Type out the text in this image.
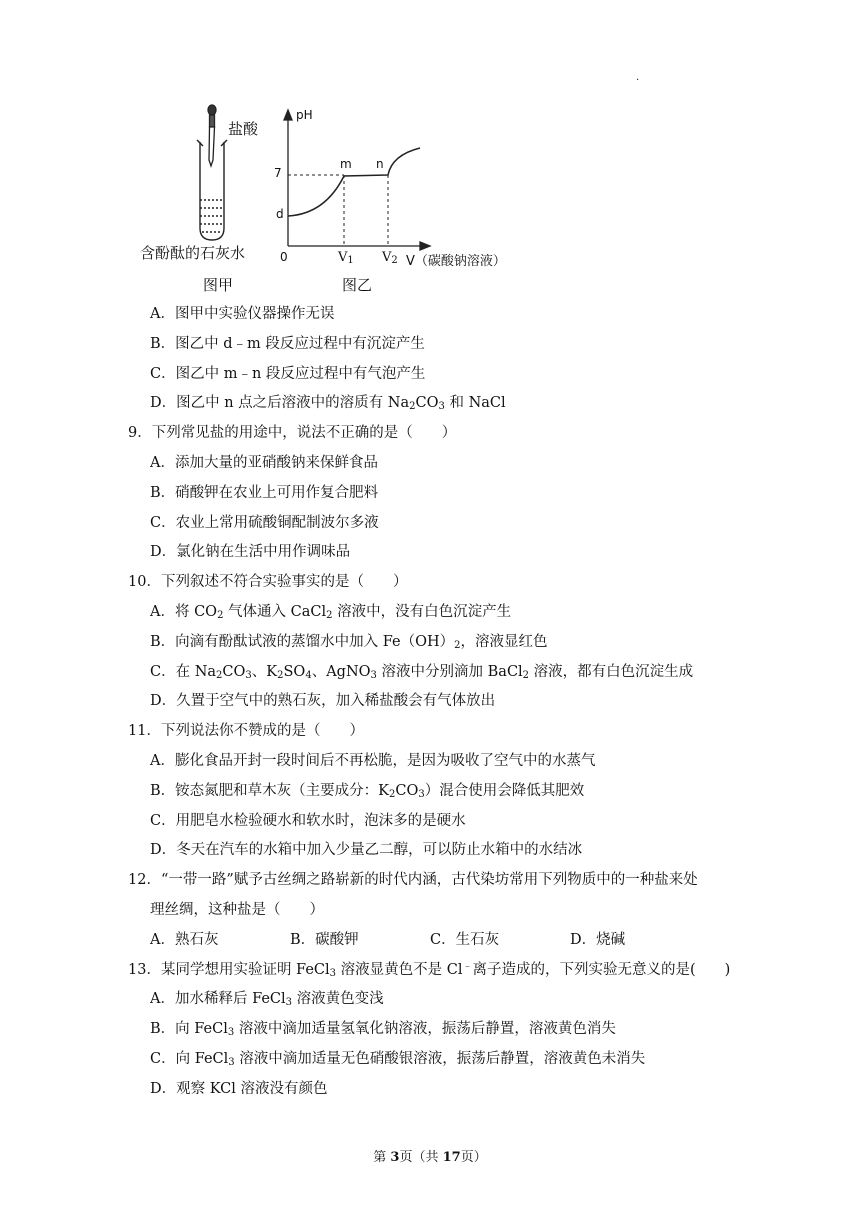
.
盐酸
含酚酞的石灰水
图甲	图乙
pH
7
d
m n
0	$V_1$ $V_2$ V（碳酸钠溶液）
A．图甲中实验仪器操作无误
B．图乙中 d﹣m 段反应过程中有沉淀产生
C．图乙中 m﹣n 段反应过程中有气泡产生
D．图乙中 n 点之后溶液中的溶质有 $Na_2CO_3$ 和 NaCl
9．下列常见盐的用途中，说法不正确的是（　　）
A．添加大量的亚硝酸钠来保鲜食品
B．硝酸钾在农业上可用作复合肥料
C．农业上常用硫酸铜配制波尔多液
D．氯化钠在生活中用作调味品
10．下列叙述不符合实验事实的是（　　）
A．将 $CO_2$ 气体通入 CaCl$_2$ 溶液中，没有白色沉淀产生
B．向滴有酚酞试液的蒸馏水中加入 $Fe(OH)_2$，溶液显红色
C．在 $Na_2CO_3$、$K_2SO_4$、AgNO$_3$ 溶液中分别滴加 BaCl$_2$ 溶液，都有白色沉淀生成
D．久置于空气中的熟石灰，加入稀盐酸会有气体放出
11．下列说法你不赞成的是（　　）
A．膨化食品开封一段时间后不再松脆，是因为吸收了空气中的水蒸气
B．铵态氮肥和草木灰（主要成分：$K_2CO_3$）混合使用会降低其肥效
C．用肥皂水检验硬水和软水时，泡沫多的是硬水
D．冬天在汽车的水箱中加入少量乙二醇，可以防止水箱中的水结冰
12．“一带一路”赋予古丝绸之路崭新的时代内涵，古代染坊常用下列物质中的一种盐来处
理丝绸，这种盐是（　　）
A．熟石灰	B．碳酸钾	C．生石灰	D．烧碱
13．某同学想用实验证明 FeCl$_3$ 溶液显黄色不是 Cl﹣离子造成的，下列实验无意义的是(　　)
A．加水稀释后 FeCl$_3$ 溶液黄色变浅
B．向 FeCl$_3$ 溶液中滴加适量氢氧化钠溶液，振荡后静置，溶液黄色消失
C．向 FeCl$_3$ 溶液中滴加适量无色硝酸银溶液，振荡后静置，溶液黄色未消失
D．观察 KCl 溶液没有颜色
第 3页（共 17页）
